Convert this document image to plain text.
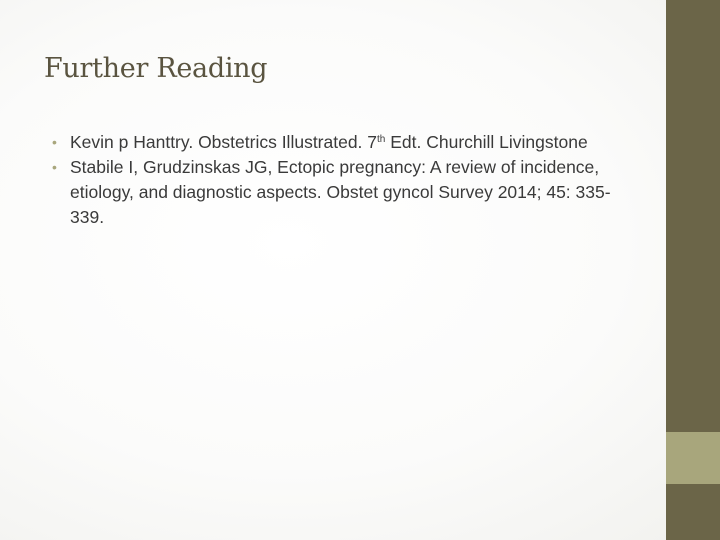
Further Reading
• Kevin p Hanttry. Obstetrics Illustrated. 7th Edt. Churchill Livingstone
• Stabile I, Grudzinskas JG, Ectopic pregnancy: A review of incidence, etiology, and diagnostic aspects. Obstet gyncol Survey 2014; 45: 335-339.
